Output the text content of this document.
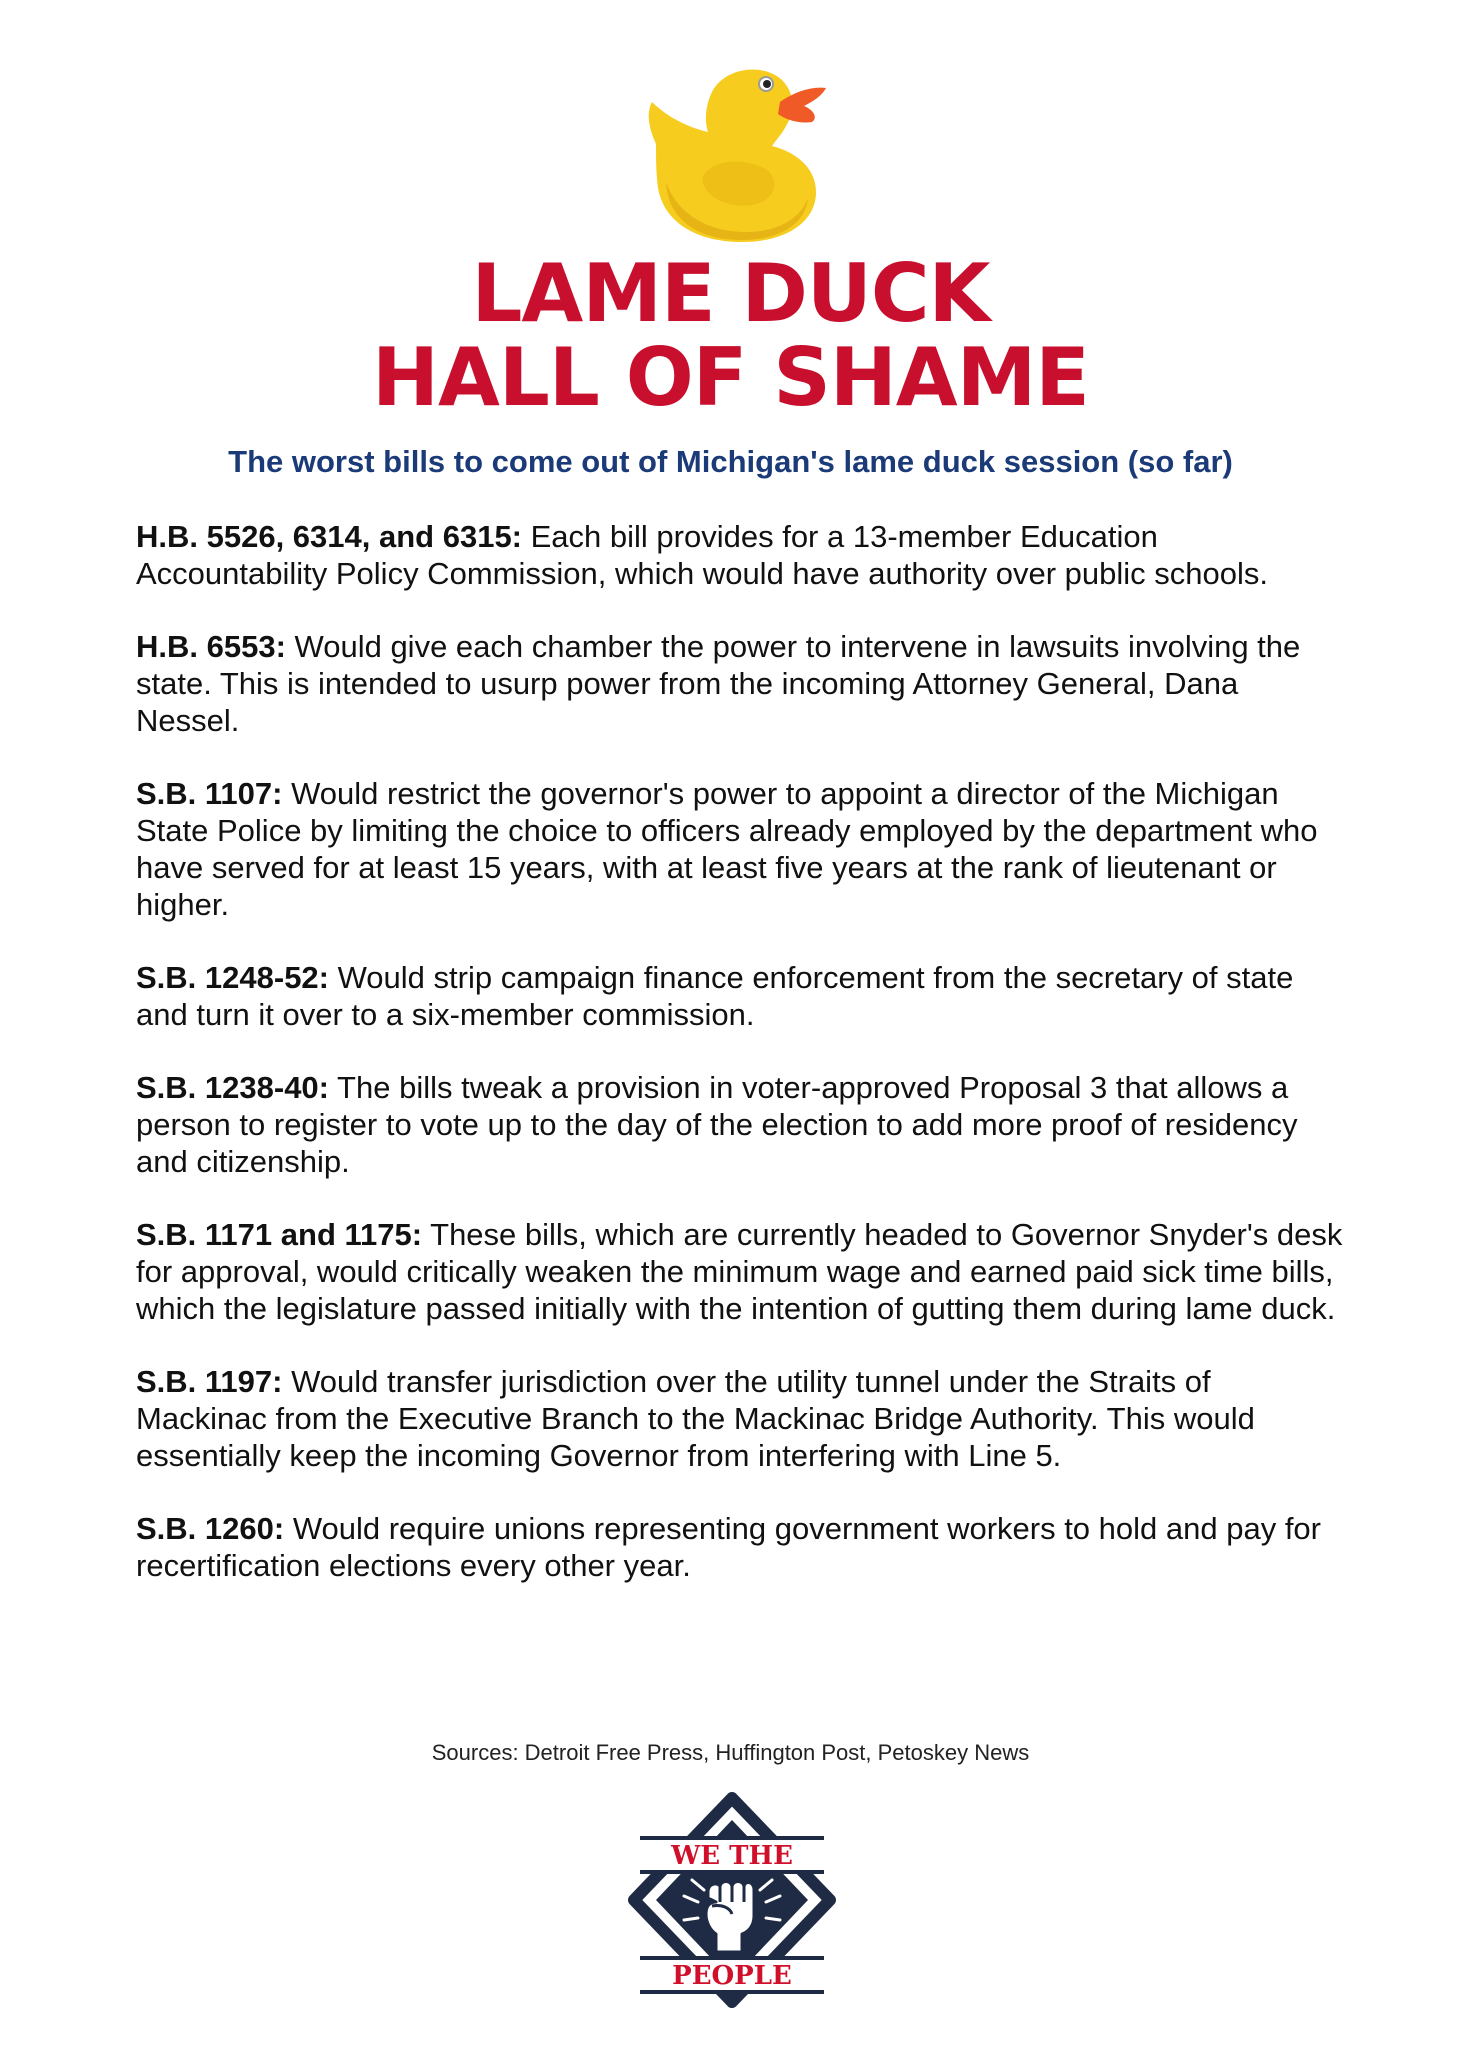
LAME DUCK
HALL OF SHAME

The worst bills to come out of Michigan's lame duck session (so far)

H.B. 5526, 6314, and 6315: Each bill provides for a 13-member Education Accountability Policy Commission, which would have authority over public schools.
H.B. 6553: Would give each chamber the power to intervene in lawsuits involving the state. This is intended to usurp power from the incoming Attorney General, Dana Nessel.
S.B. 1107: Would restrict the governor's power to appoint a director of the Michigan State Police by limiting the choice to officers already employed by the department who have served for at least 15 years, with at least five years at the rank of lieutenant or higher.
S.B. 1248-52: Would strip campaign finance enforcement from the secretary of state and turn it over to a six-member commission.
S.B. 1238-40: The bills tweak a provision in voter-approved Proposal 3 that allows a person to register to vote up to the day of the election to add more proof of residency and citizenship.
S.B. 1171 and 1175: These bills, which are currently headed to Governor Snyder's desk for approval, would critically weaken the minimum wage and earned paid sick time bills, which the legislature passed initially with the intention of gutting them during lame duck.
S.B. 1197: Would transfer jurisdiction over the utility tunnel under the Straits of Mackinac from the Executive Branch to the Mackinac Bridge Authority. This would essentially keep the incoming Governor from interfering with Line 5.
S.B. 1260: Would require unions representing government workers to hold and pay for recertification elections every other year.

Sources: Detroit Free Press, Huffington Post, Petoskey News

WE THE
PEOPLE
